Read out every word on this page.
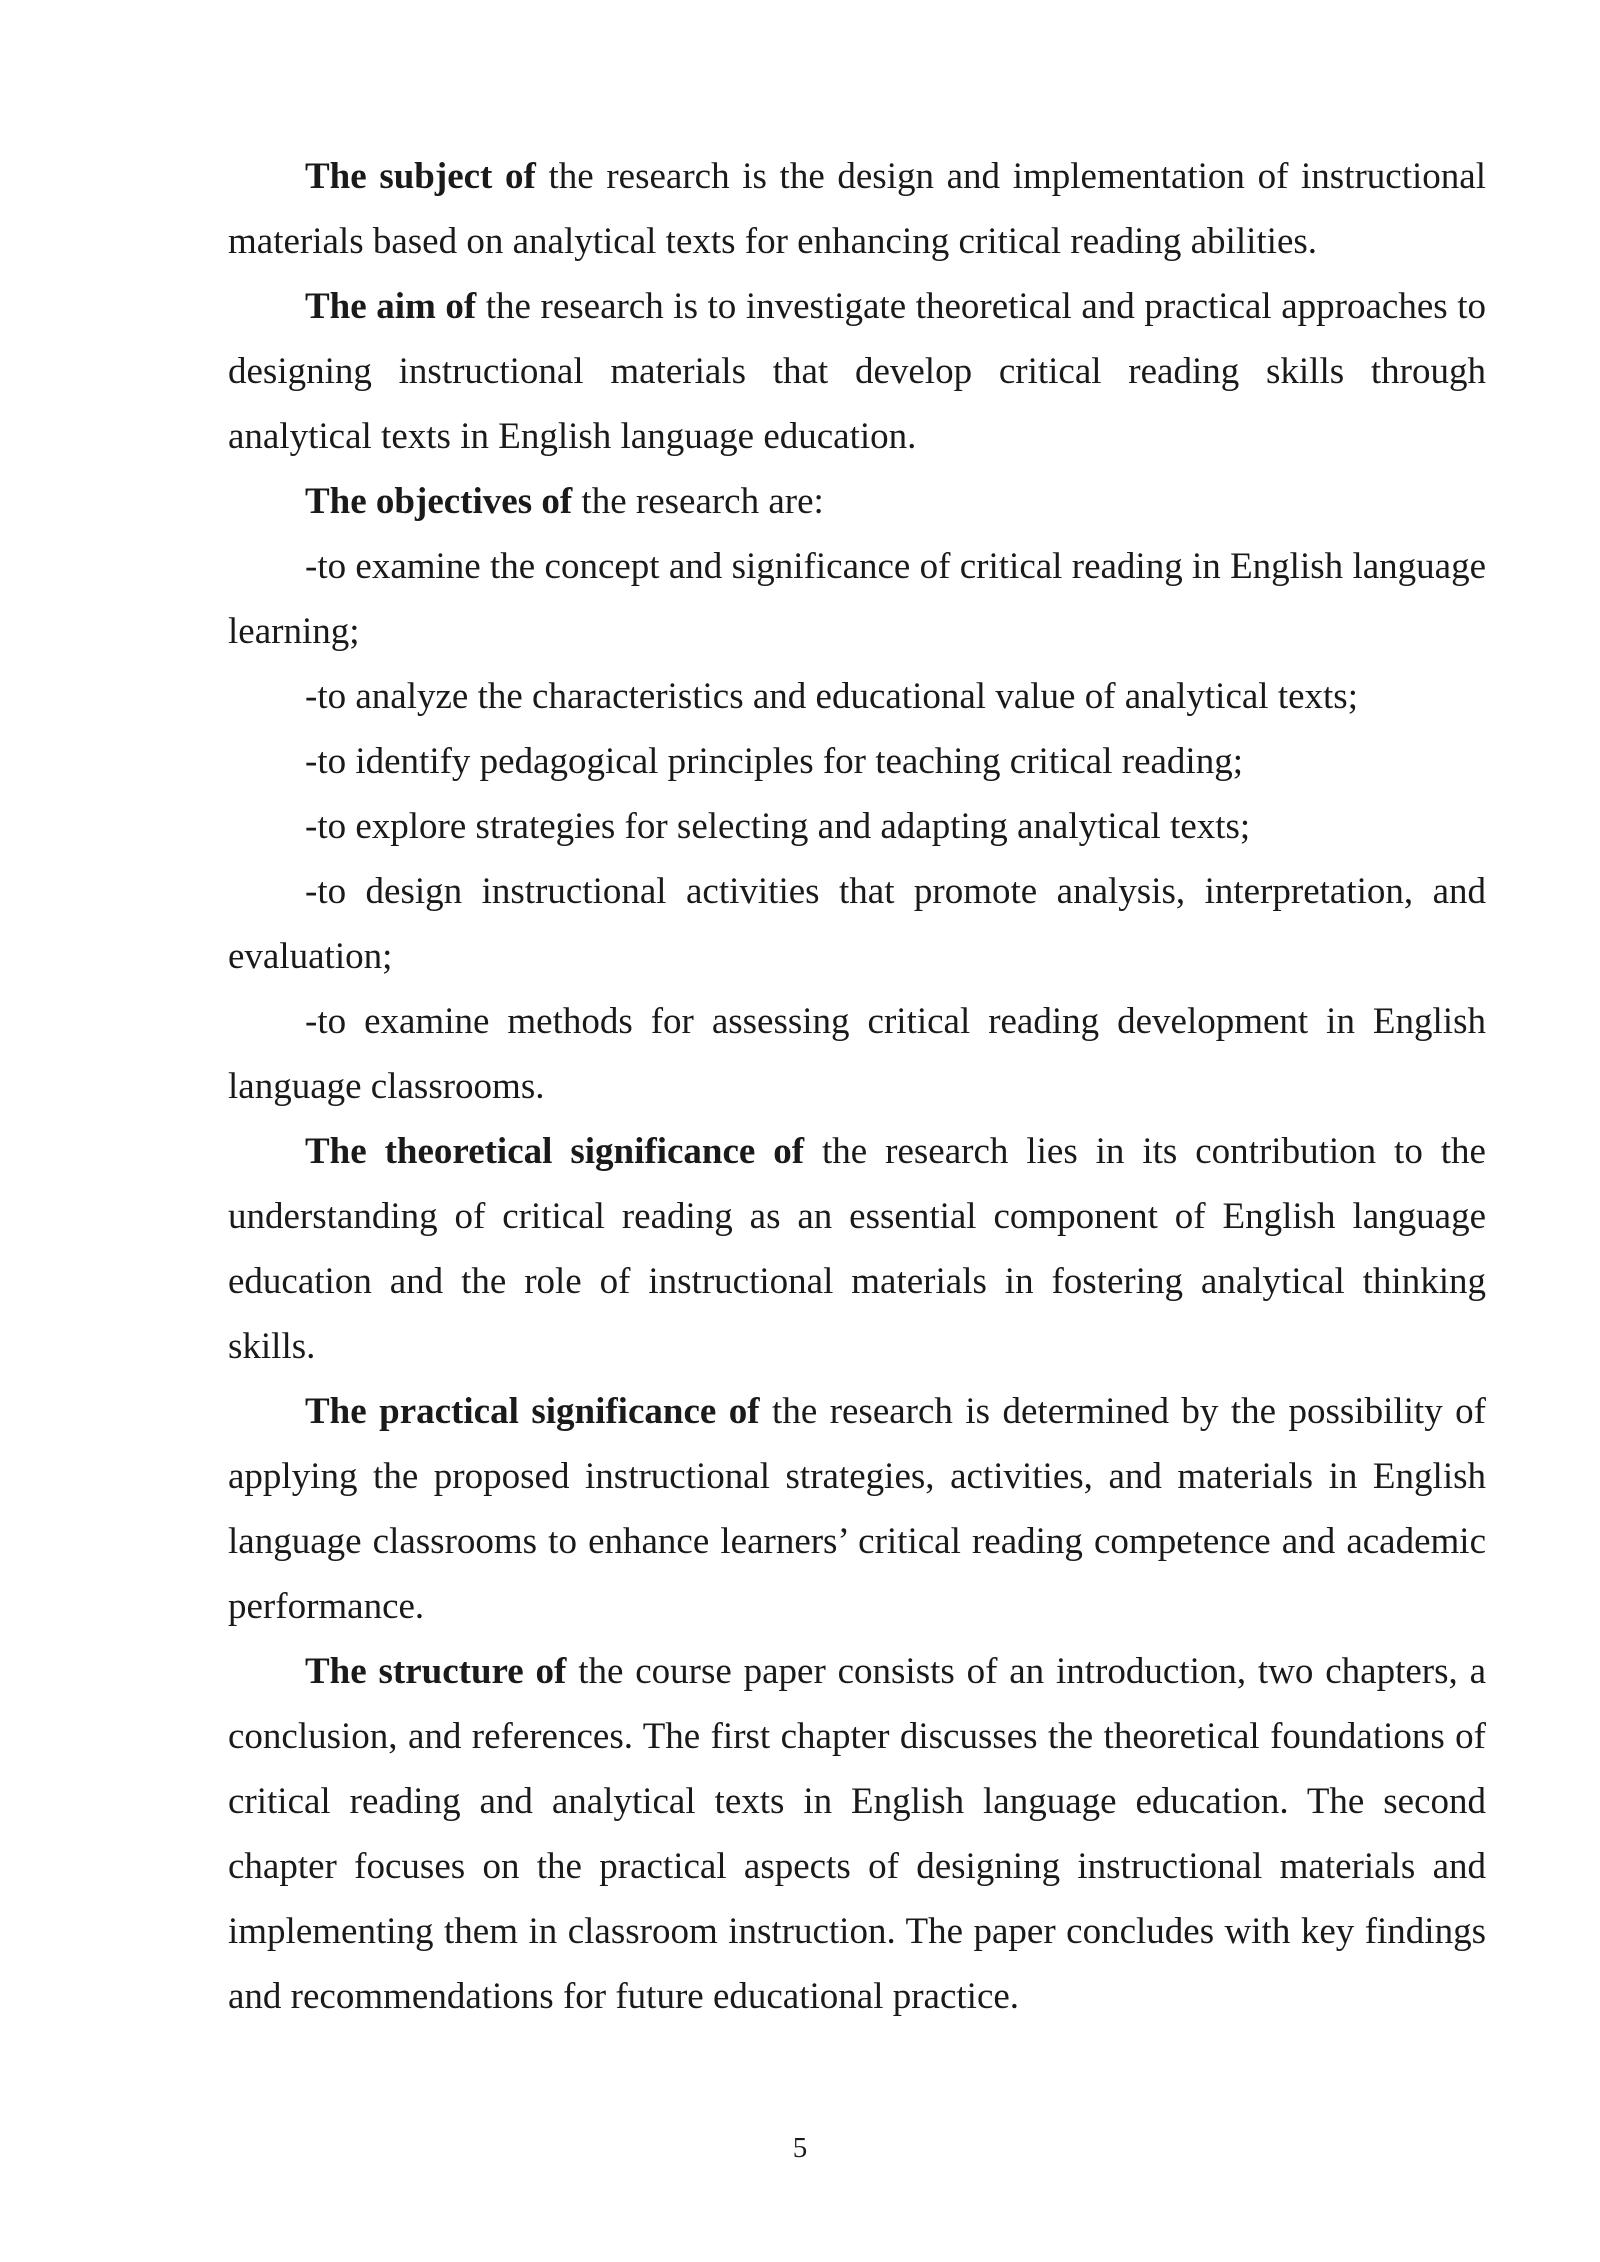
The subject of the research is the design and implementation of instructional materials based on analytical texts for enhancing critical reading abilities.

The aim of the research is to investigate theoretical and practical approaches to designing instructional materials that develop critical reading skills through analytical texts in English language education.

The objectives of the research are:

-to examine the concept and significance of critical reading in English language learning;

-to analyze the characteristics and educational value of analytical texts;

-to identify pedagogical principles for teaching critical reading;

-to explore strategies for selecting and adapting analytical texts;

-to design instructional activities that promote analysis, interpretation, and evaluation;

-to examine methods for assessing critical reading development in English language classrooms.

The theoretical significance of the research lies in its contribution to the understanding of critical reading as an essential component of English language education and the role of instructional materials in fostering analytical thinking skills.

The practical significance of the research is determined by the possibility of applying the proposed instructional strategies, activities, and materials in English language classrooms to enhance learners’ critical reading competence and academic performance.

The structure of the course paper consists of an introduction, two chapters, a conclusion, and references. The first chapter discusses the theoretical foundations of critical reading and analytical texts in English language education. The second chapter focuses on the practical aspects of designing instructional materials and implementing them in classroom instruction. The paper concludes with key findings and recommendations for future educational practice.

5
